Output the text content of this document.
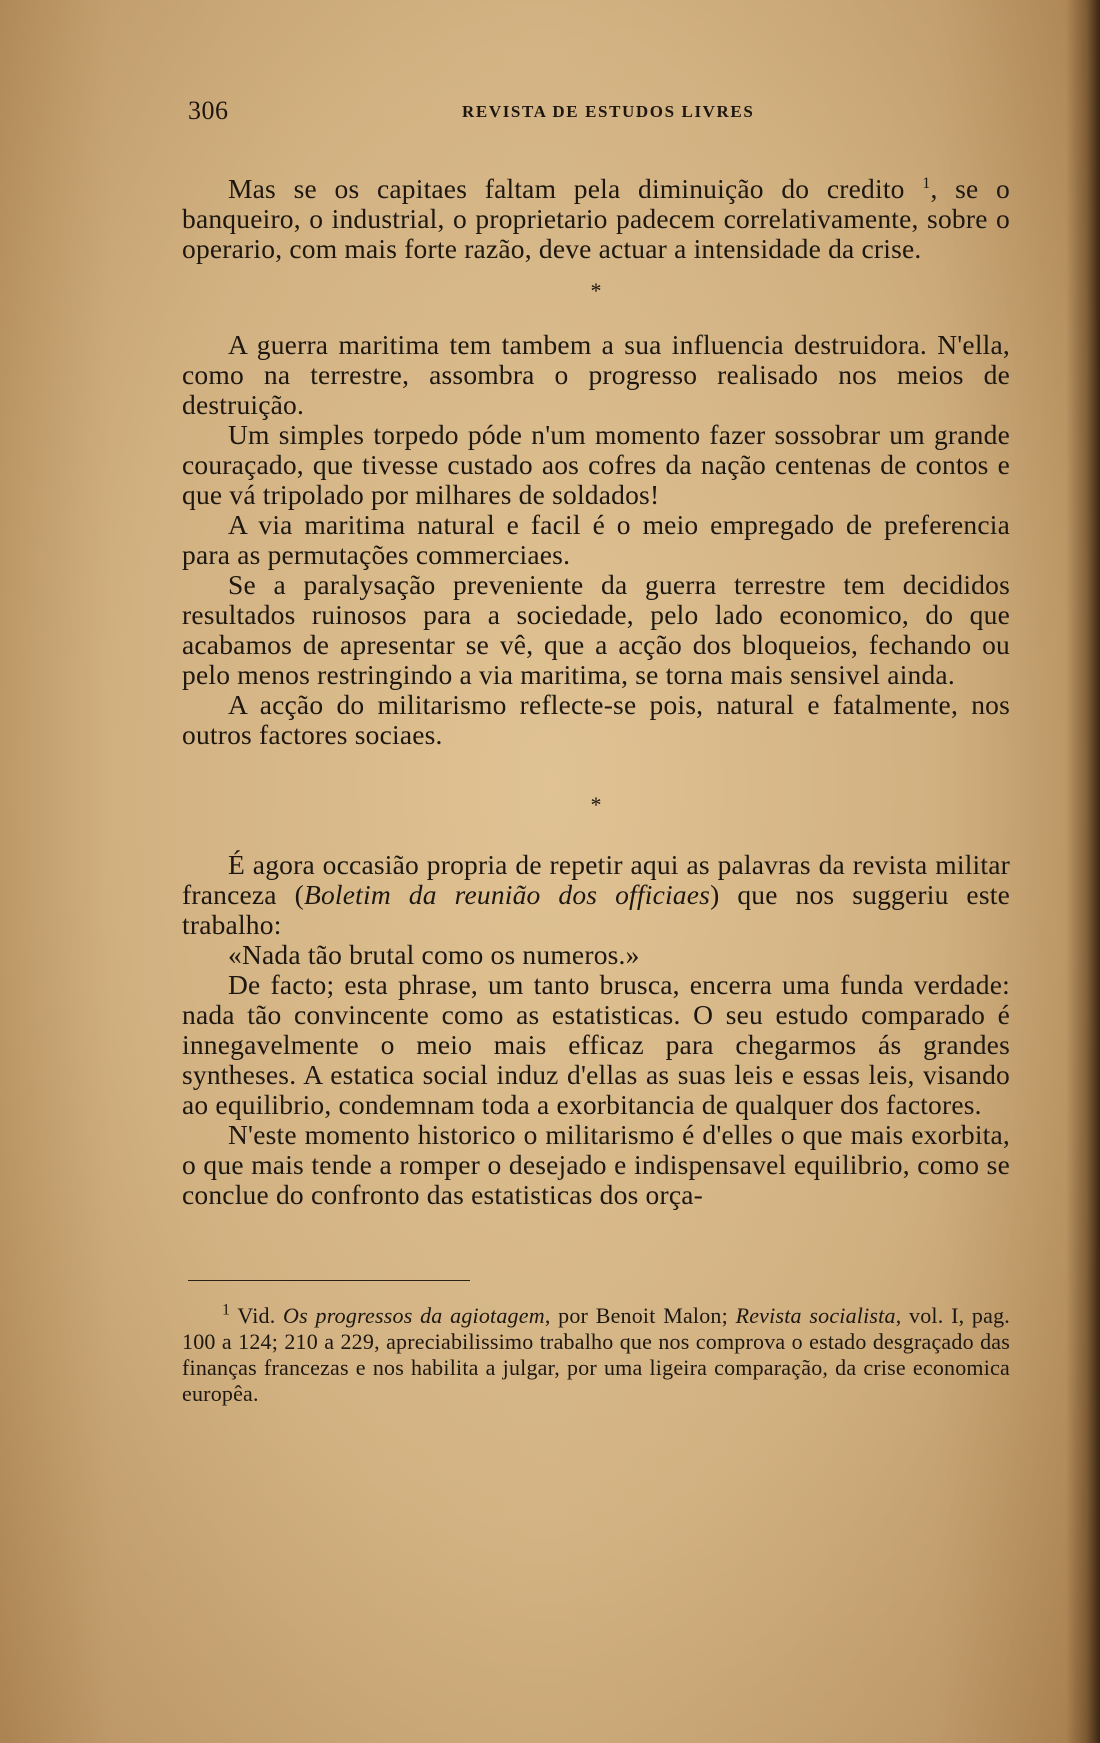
306	REVISTA DE ESTUDOS LIVRES

Mas se os capitaes faltam pela diminuição do credito $^1$, se o banqueiro, o industrial, o proprietario padecem correlativamente, sobre o operario, com mais forte razão, deve actuar a intensidade da crise.

*

A guerra maritima tem tambem a sua influencia destruidora. N'ella, como na terrestre, assombra o progresso realisado nos meios de destruição.

Um simples torpedo póde n'um momento fazer sossobrar um grande couraçado, que tivesse custado aos cofres da nação centenas de contos e que vá tripolado por milhares de soldados!

A via maritima natural e facil é o meio empregado de preferencia para as permutações commerciaes.

Se a paralysação preveniente da guerra terrestre tem decididos resultados ruinosos para a sociedade, pelo lado economico, do que acabamos de apresentar se vê, que a acção dos bloqueios, fechando ou pelo menos restringindo a via maritima, se torna mais sensivel ainda.

A acção do militarismo reflecte-se pois, natural e fatalmente, nos outros factores sociaes.

*

É agora occasião propria de repetir aqui as palavras da revista militar franceza (Boletim da reunião dos officiaes) que nos suggeriu este trabalho:

«Nada tão brutal como os numeros.»

De facto; esta phrase, um tanto brusca, encerra uma funda verdade: nada tão convincente como as estatisticas. O seu estudo comparado é innegavelmente o meio mais efficaz para chegarmos ás grandes syntheses. A estatica social induz d'ellas as suas leis e essas leis, visando ao equilibrio, condemnam toda a exorbitancia de qualquer dos factores.

N'este momento historico o militarismo é d'elles o que mais exorbita, o que mais tende a romper o desejado e indispensavel equilibrio, como se conclue do confronto das estatisticas dos orça-

$^1$ Vid. Os progressos da agiotagem, por Benoit Malon; Revista socialista, vol. I, pag. 100 a 124; 210 a 229, apreciabilissimo trabalho que nos comprova o estado desgraçado das finanças francezas e nos habilita a julgar, por uma ligeira comparação, da crise economica europêa.
